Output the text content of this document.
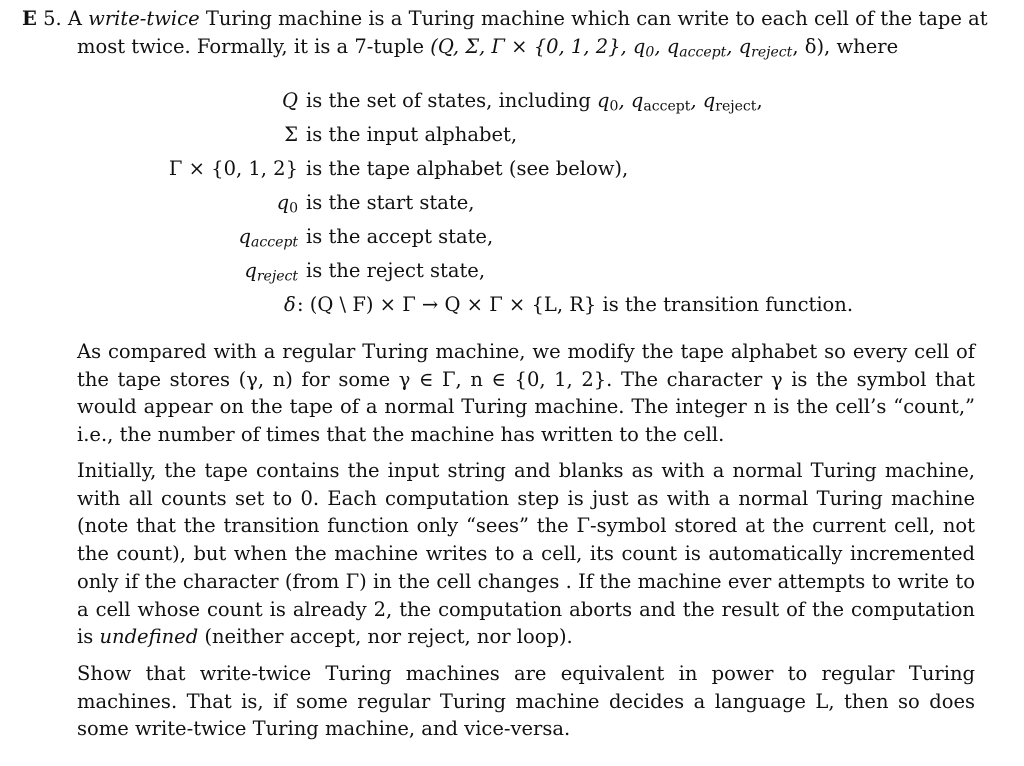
E 5. A write-twice Turing machine is a Turing machine which can write to each cell of the tape at
most twice. Formally, it is a 7-tuple (Q, Σ, Γ × {0, 1, 2}, $q_0$, $q_{accept}$, $q_{reject}$, δ), where
Q is the set of states, including $q_0$, $q_{accept}$, $q_{reject}$,
Σ is the input alphabet,
Γ × {0, 1, 2} is the tape alphabet (see below),
$q_0$ is the start state,
$q_{accept}$ is the accept state,
$q_{reject}$ is the reject state,
δ : (Q \ F) × Γ → Q × Γ × {L, R} is the transition function.
As compared with a regular Turing machine, we modify the tape alphabet so every cell of the tape stores (γ, n) for some γ ∈ Γ, n ∈ {0, 1, 2}. The character γ is the symbol that would appear on the tape of a normal Turing machine. The integer n is the cell’s “count,” i.e., the number of times that the machine has written to the cell.
Initially, the tape contains the input string and blanks as with a normal Turing machine, with all counts set to 0. Each computation step is just as with a normal Turing machine (note that the transition function only “sees” the Γ-symbol stored at the current cell, not the count), but when the machine writes to a cell, its count is automatically incremented only if the character (from Γ) in the cell changes . If the machine ever attempts to write to a cell whose count is already 2, the computation aborts and the result of the computation is undefined (neither accept, nor reject, nor loop).
Show that write-twice Turing machines are equivalent in power to regular Turing machines. That is, if some regular Turing machine decides a language L, then so does some write-twice Turing machine, and vice-versa.
